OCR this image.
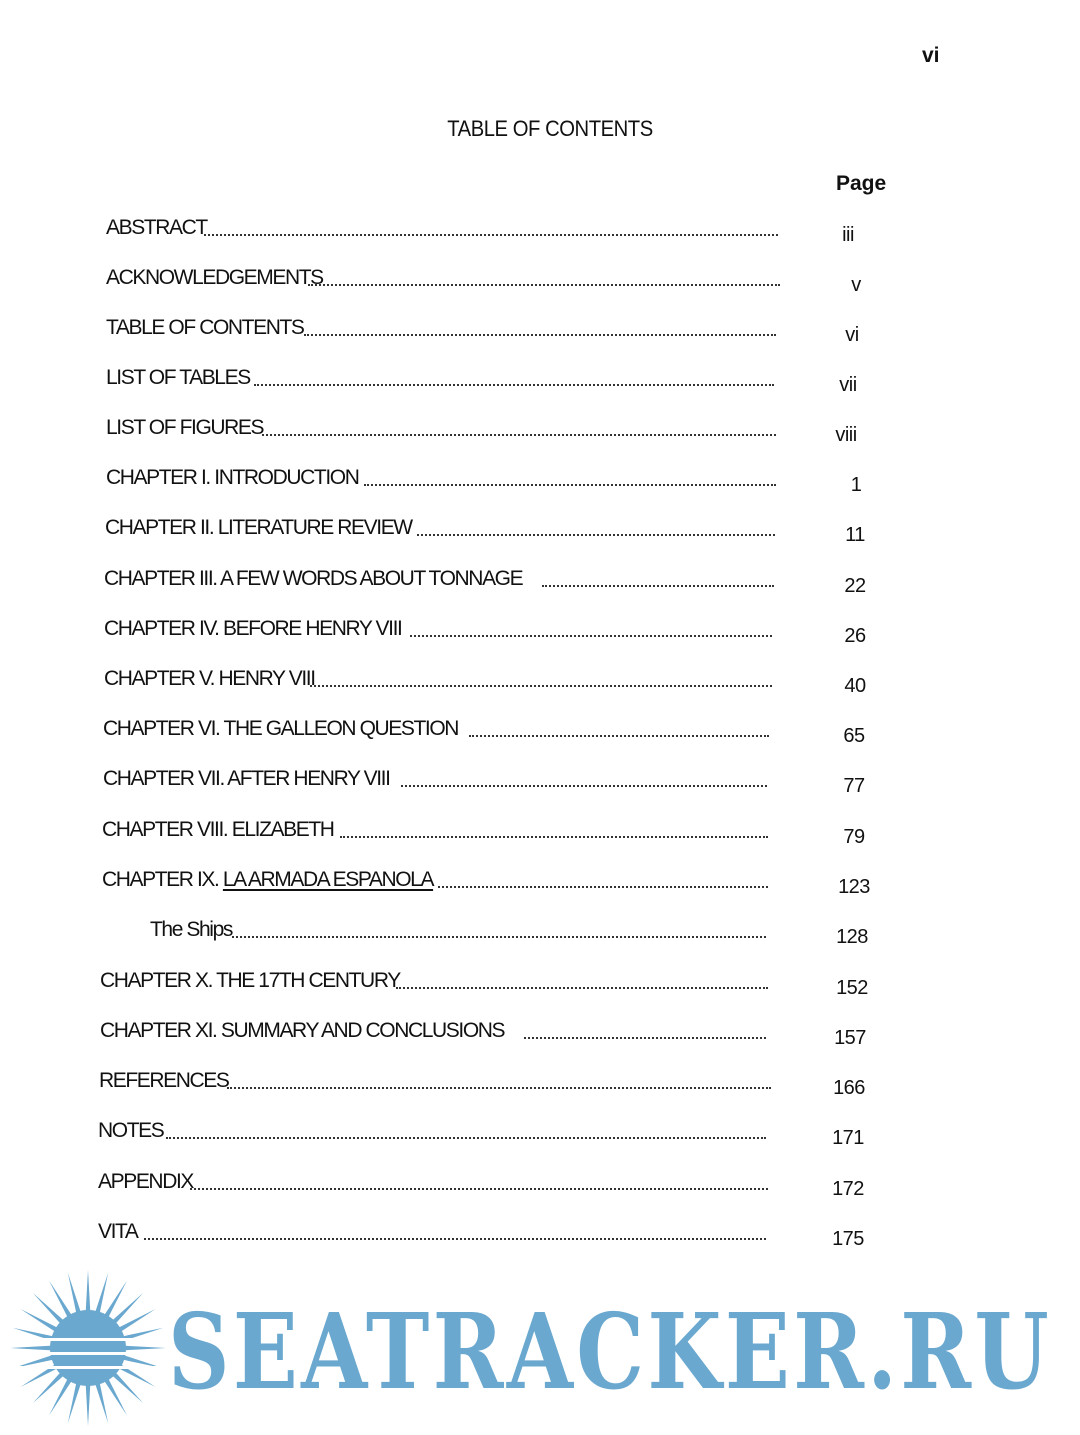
vi
TABLE OF CONTENTS
Page
ABSTRACT	iii
ACKNOWLEDGEMENTS	v
TABLE OF CONTENTS	vi
LIST OF TABLES	vii
LIST OF FIGURES	viii
CHAPTER I. INTRODUCTION	1
CHAPTER II. LITERATURE REVIEW	11
CHAPTER III. A FEW WORDS ABOUT TONNAGE	22
CHAPTER IV. BEFORE HENRY VIII	26
CHAPTER V. HENRY VIII	40
CHAPTER VI. THE GALLEON QUESTION	65
CHAPTER VII. AFTER HENRY VIII	77
CHAPTER VIII. ELIZABETH	79
CHAPTER IX. LA ARMADA ESPANOLA	123
The Ships	128
CHAPTER X. THE 17TH CENTURY	152
CHAPTER XI. SUMMARY AND CONCLUSIONS	157
REFERENCES	166
NOTES	171
APPENDIX	172
VITA	175
SEATRACKER.RU
